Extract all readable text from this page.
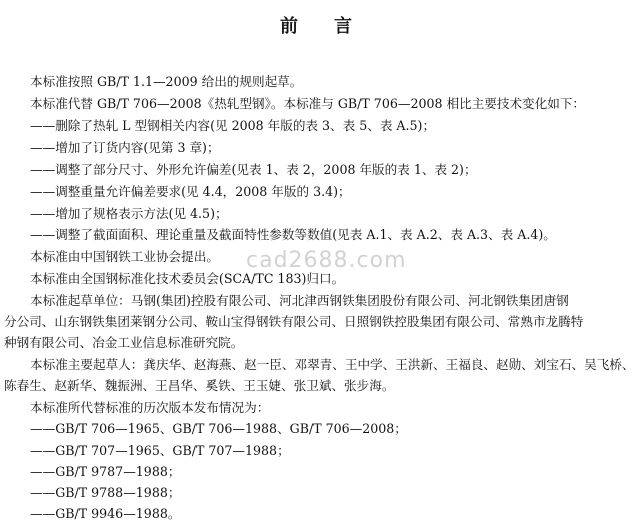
前 言
本标准按照 GB/T 1.1—2009 给出的规则起草。
本标准代替 GB/T 706—2008《热轧型钢》。本标准与 GB/T 706—2008 相比主要技术变化如下：
——删除了热轧 L 型钢相关内容(见 2008 年版的表 3、表 5、表 A.5)；
——增加了订货内容(见第 3 章)；
——调整了部分尺寸、外形允许偏差(见表 1、表 2，2008 年版的表 1、表 2)；
——调整重量允许偏差要求(见 4.4，2008 年版的 3.4)；
——增加了规格表示方法(见 4.5)；
——调整了截面面积、理论重量及截面特性参数等数值(见表 A.1、表 A.2、表 A.3、表 A.4)。
本标准由中国钢铁工业协会提出。
本标准由全国钢标准化技术委员会(SCA/TC 183)归口。
本标准起草单位：马钢(集团)控股有限公司、河北津西钢铁集团股份有限公司、河北钢铁集团唐钢
分公司、山东钢铁集团莱钢分公司、鞍山宝得钢铁有限公司、日照钢铁控股集团有限公司、常熟市龙腾特
种钢有限公司、冶金工业信息标准研究院。
本标准主要起草人：龚庆华、赵海燕、赵一臣、邓翠青、王中学、王洪新、王福良、赵勋、刘宝石、吴飞桥、
陈春生、赵新华、魏振洲、王昌华、奚铁、王玉婕、张卫斌、张步海。
本标准所代替标准的历次版本发布情况为：
——GB/T 706—1965、GB/T 706—1988、GB/T 706—2008；
——GB/T 707—1965、GB/T 707—1988；
——GB/T 9787—1988；
——GB/T 9788—1988；
——GB/T 9946—1988。
cad2688.com
